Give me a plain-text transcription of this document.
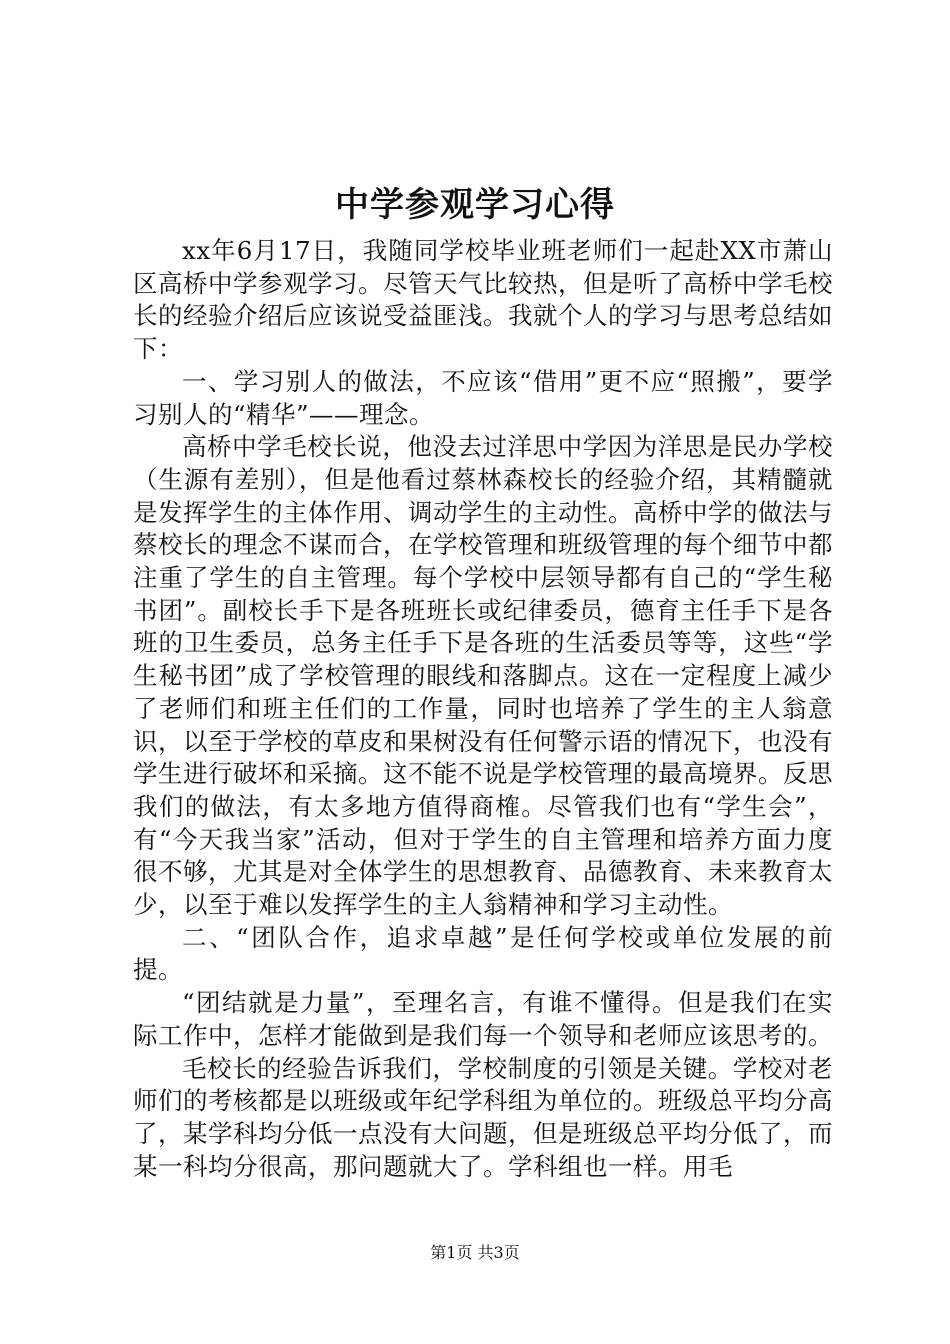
中学参观学习心得

xx年6月17日，我随同学校毕业班老师们一起赴XX市萧山区高桥中学参观学习。尽管天气比较热，但是听了高桥中学毛校长的经验介绍后应该说受益匪浅。我就个人的学习与思考总结如下：

一、学习别人的做法，不应该“借用”更不应“照搬”，要学习别人的“精华”——理念。

高桥中学毛校长说，他没去过洋思中学因为洋思是民办学校（生源有差别），但是他看过蔡林森校长的经验介绍，其精髓就是发挥学生的主体作用、调动学生的主动性。高桥中学的做法与蔡校长的理念不谋而合，在学校管理和班级管理的每个细节中都注重了学生的自主管理。每个学校中层领导都有自己的“学生秘书团”。副校长手下是各班班长或纪律委员，德育主任手下是各班的卫生委员，总务主任手下是各班的生活委员等等，这些“学生秘书团”成了学校管理的眼线和落脚点。这在一定程度上减少了老师们和班主任们的工作量，同时也培养了学生的主人翁意识，以至于学校的草皮和果树没有任何警示语的情况下，也没有学生进行破坏和采摘。这不能不说是学校管理的最高境界。反思我们的做法，有太多地方值得商榷。尽管我们也有“学生会”，有“今天我当家”活动，但对于学生的自主管理和培养方面力度很不够，尤其是对全体学生的思想教育、品德教育、未来教育太少，以至于难以发挥学生的主人翁精神和学习主动性。

二、“团队合作，追求卓越”是任何学校或单位发展的前提。

“团结就是力量”，至理名言，有谁不懂得。但是我们在实际工作中，怎样才能做到是我们每一个领导和老师应该思考的。

毛校长的经验告诉我们，学校制度的引领是关键。学校对老师们的考核都是以班级或年纪学科组为单位的。班级总平均分高了，某学科均分低一点没有大问题，但是班级总平均分低了，而某一科均分很高，那问题就大了。学科组也一样。用毛

第1页 共3页
